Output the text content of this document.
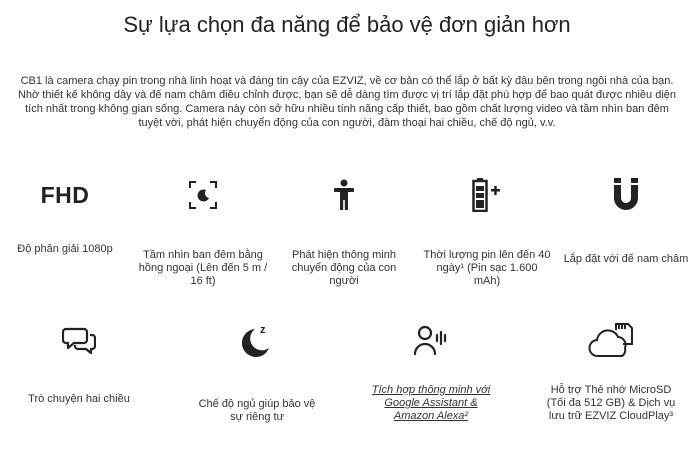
Sự lựa chọn đa năng để bảo vệ đơn giản hơn
CB1 là camera chạy pin trong nhà linh hoạt và đáng tin cậy của EZVIZ, về cơ bản có thể lắp ở bất kỳ đâu bên trong ngôi nhà của bạn. Nhờ thiết kế không dây và đế nam châm điều chỉnh được, bạn sẽ dễ dàng tìm được vị trí lắp đặt phù hợp để bao quát được nhiều diện tích nhất trong không gian sống. Camera này còn sở hữu nhiều tính năng cấp thiết, bao gồm chất lượng video và tầm nhìn ban đêm tuyệt vời, phát hiện chuyển động của con người, đàm thoại hai chiều, chế độ ngủ, v.v.
FHD
Độ phân giải 1080p	Tầm nhìn ban đêm bằng hồng ngoại (Lên đến 5 m / 16 ft)
Phát hiện thông minh chuyển động của con người
Thời lượng pin lên đến 40 ngày¹ (Pin sạc 1.600 mAh)
Lắp đặt với đế nam châm
Trò chuyện hai chiều
z
Chế độ ngủ giúp bảo vệ sự riêng tư
Tích hợp thông minh với Google Assistant & Amazon Alexa²
Hỗ trợ Thẻ nhớ MicroSD (Tối đa 512 GB) & Dịch vụ lưu trữ EZVIZ CloudPlay³
